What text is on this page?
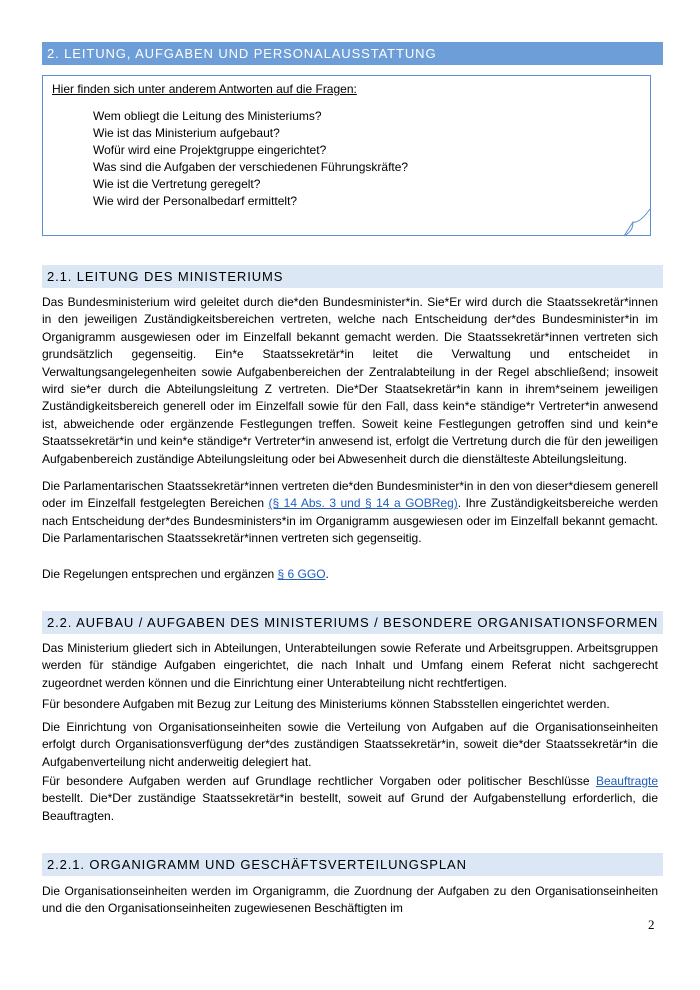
2. LEITUNG, AUFGABEN UND PERSONALAUSSTATTUNG
Hier finden sich unter anderem Antworten auf die Fragen:
Wem obliegt die Leitung des Ministeriums?
Wie ist das Ministerium aufgebaut?
Wofür wird eine Projektgruppe eingerichtet?
Was sind die Aufgaben der verschiedenen Führungskräfte?
Wie ist die Vertretung geregelt?
Wie wird der Personalbedarf ermittelt?
2.1. LEITUNG DES MINISTERIUMS

Das Bundesministerium wird geleitet durch die*den Bundesminister*in. Sie*Er wird durch die Staatssekretär*innen in den jeweiligen Zuständigkeitsbereichen vertreten, welche nach Entscheidung der*des Bundesminister*in im Organigramm ausgewiesen oder im Einzelfall bekannt gemacht werden. Die Staatssekretär*innen vertreten sich grundsätzlich gegenseitig. Ein*e Staatssekretär*in leitet die Verwaltung und entscheidet in Verwaltungsangelegenheiten sowie Aufgabenbereichen der Zentralabteilung in der Regel abschließend; insoweit wird sie*er durch die Abteilungsleitung Z vertreten. Die*Der Staatsekretär*in kann in ihrem*seinem jeweiligen Zuständigkeitsbereich generell oder im Einzelfall sowie für den Fall, dass kein*e ständige*r Vertreter*in anwesend ist, abweichende oder ergänzende Festlegungen treffen. Soweit keine Festlegungen getroffen sind und kein*e Staatssekretär*in und kein*e ständige*r Vertreter*in anwesend ist, erfolgt die Vertretung durch die für den jeweiligen Aufgabenbereich zuständige Abteilungsleitung oder bei Abwesenheit durch die dienstälteste Abteilungsleitung.

Die Parlamentarischen Staatssekretär*innen vertreten die*den Bundesminister*in in den von dieser*diesem generell oder im Einzelfall festgelegten Bereichen (§ 14 Abs. 3 und § 14 a GOBReg). Ihre Zuständigkeitsbereiche werden nach Entscheidung der*des Bundesministers*in im Organigramm ausgewiesen oder im Einzelfall bekannt gemacht. Die Parlamentarischen Staatssekretär*innen vertreten sich gegenseitig.

Die Regelungen entsprechen und ergänzen § 6 GGO.

2.2. AUFBAU / AUFGABEN DES MINISTERIUMS / BESONDERE ORGANISATIONSFORMEN

Das Ministerium gliedert sich in Abteilungen, Unterabteilungen sowie Referate und Arbeitsgruppen. Arbeitsgruppen werden für ständige Aufgaben eingerichtet, die nach Inhalt und Umfang einem Referat nicht sachgerecht zugeordnet werden können und die Einrichtung einer Unterabteilung nicht rechtfertigen.

Für besondere Aufgaben mit Bezug zur Leitung des Ministeriums können Stabsstellen eingerichtet werden.

Die Einrichtung von Organisationseinheiten sowie die Verteilung von Aufgaben auf die Organisationseinheiten erfolgt durch Organisationsverfügung der*des zuständigen Staatssekretär*in, soweit die*der Staatssekretär*in die Aufgabenverteilung nicht anderweitig delegiert hat.

Für besondere Aufgaben werden auf Grundlage rechtlicher Vorgaben oder politischer Beschlüsse Beauftragte bestellt. Die*Der zuständige Staatssekretär*in bestellt, soweit auf Grund der Aufgabenstellung erforderlich, die Beauftragten.

2.2.1. ORGANIGRAMM UND GESCHÄFTSVERTEILUNGSPLAN

Die Organisationseinheiten werden im Organigramm, die Zuordnung der Aufgaben zu den Organisationseinheiten und die den Organisationseinheiten zugewiesenen Beschäftigten im

2
